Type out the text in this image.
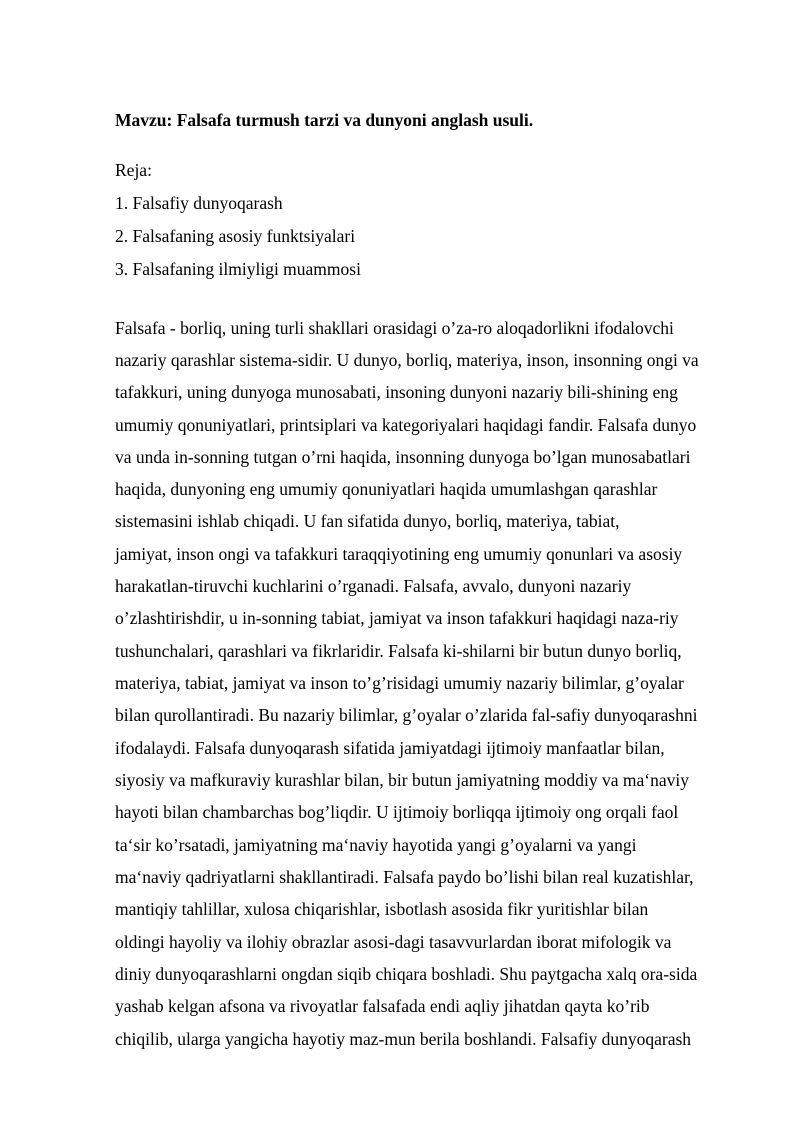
Mavzu: Falsafa turmush tarzi va dunyoni anglash usuli.
Reja:
1. Falsafiy dunyoqarash
2. Falsafaning asosiy funktsiyalari
3. Falsafaning ilmiyligi muammosi
Falsafa - borliq, uning turli shakllari orasidagi o’za-ro aloqadorlikni ifodalovchi
nazariy qarashlar sistema-sidir. U dunyo, borliq, materiya, inson, insonning ongi va
tafakkuri, uning dunyoga munosabati, insoning dunyoni nazariy bili-shining eng
umumiy qonuniyatlari, printsiplari va kategoriyalari haqidagi fandir. Falsafa dunyo
va unda in-sonning tutgan o’rni haqida, insonning dunyoga bo’lgan munosabatlari
haqida, dunyoning eng umumiy qonuniyatlari haqida umumlashgan qarashlar
sistemasini ishlab chiqadi. U fan sifatida dunyo, borliq, materiya, tabiat,
jamiyat, inson ongi va tafakkuri taraqqiyotining eng umumiy qonunlari va asosiy
harakatlan-tiruvchi kuchlarini o’rganadi. Falsafa, avvalo, dunyoni nazariy
o’zlashtirishdir, u in-sonning tabiat, jamiyat va inson tafakkuri haqidagi naza-riy
tushunchalari, qarashlari va fikrlaridir. Falsafa ki-shilarni bir butun dunyo borliq,
materiya, tabiat, jamiyat va inson to’g’risidagi umumiy nazariy bilimlar, g’oyalar
bilan qurollantiradi. Bu nazariy bilimlar, g’oyalar o’zlarida fal-safiy dunyoqarashni
ifodalaydi. Falsafa dunyoqarash sifatida jamiyatdagi ijtimoiy manfaatlar bilan,
siyosiy va mafkuraviy kurashlar bilan, bir butun jamiyatning moddiy va ma‘naviy
hayoti bilan chambarchas bog’liqdir. U ijtimoiy borliqqa ijtimoiy ong orqali faol
ta‘sir ko’rsatadi, jamiyatning ma‘naviy hayotida yangi g’oyalarni va yangi
ma‘naviy qadriyatlarni shakllantiradi. Falsafa paydo bo’lishi bilan real kuzatishlar,
mantiqiy tahlillar, xulosa chiqarishlar, isbotlash asosida fikr yuritishlar bilan
oldingi hayoliy va ilohiy obrazlar asosi-dagi tasavvurlardan iborat mifologik va
diniy dunyoqarashlarni ongdan siqib chiqara boshladi. Shu paytgacha xalq ora-sida
yashab kelgan afsona va rivoyatlar falsafada endi aqliy jihatdan qayta ko’rib
chiqilib, ularga yangicha hayotiy maz-mun berila boshlandi. Falsafiy dunyoqarash
